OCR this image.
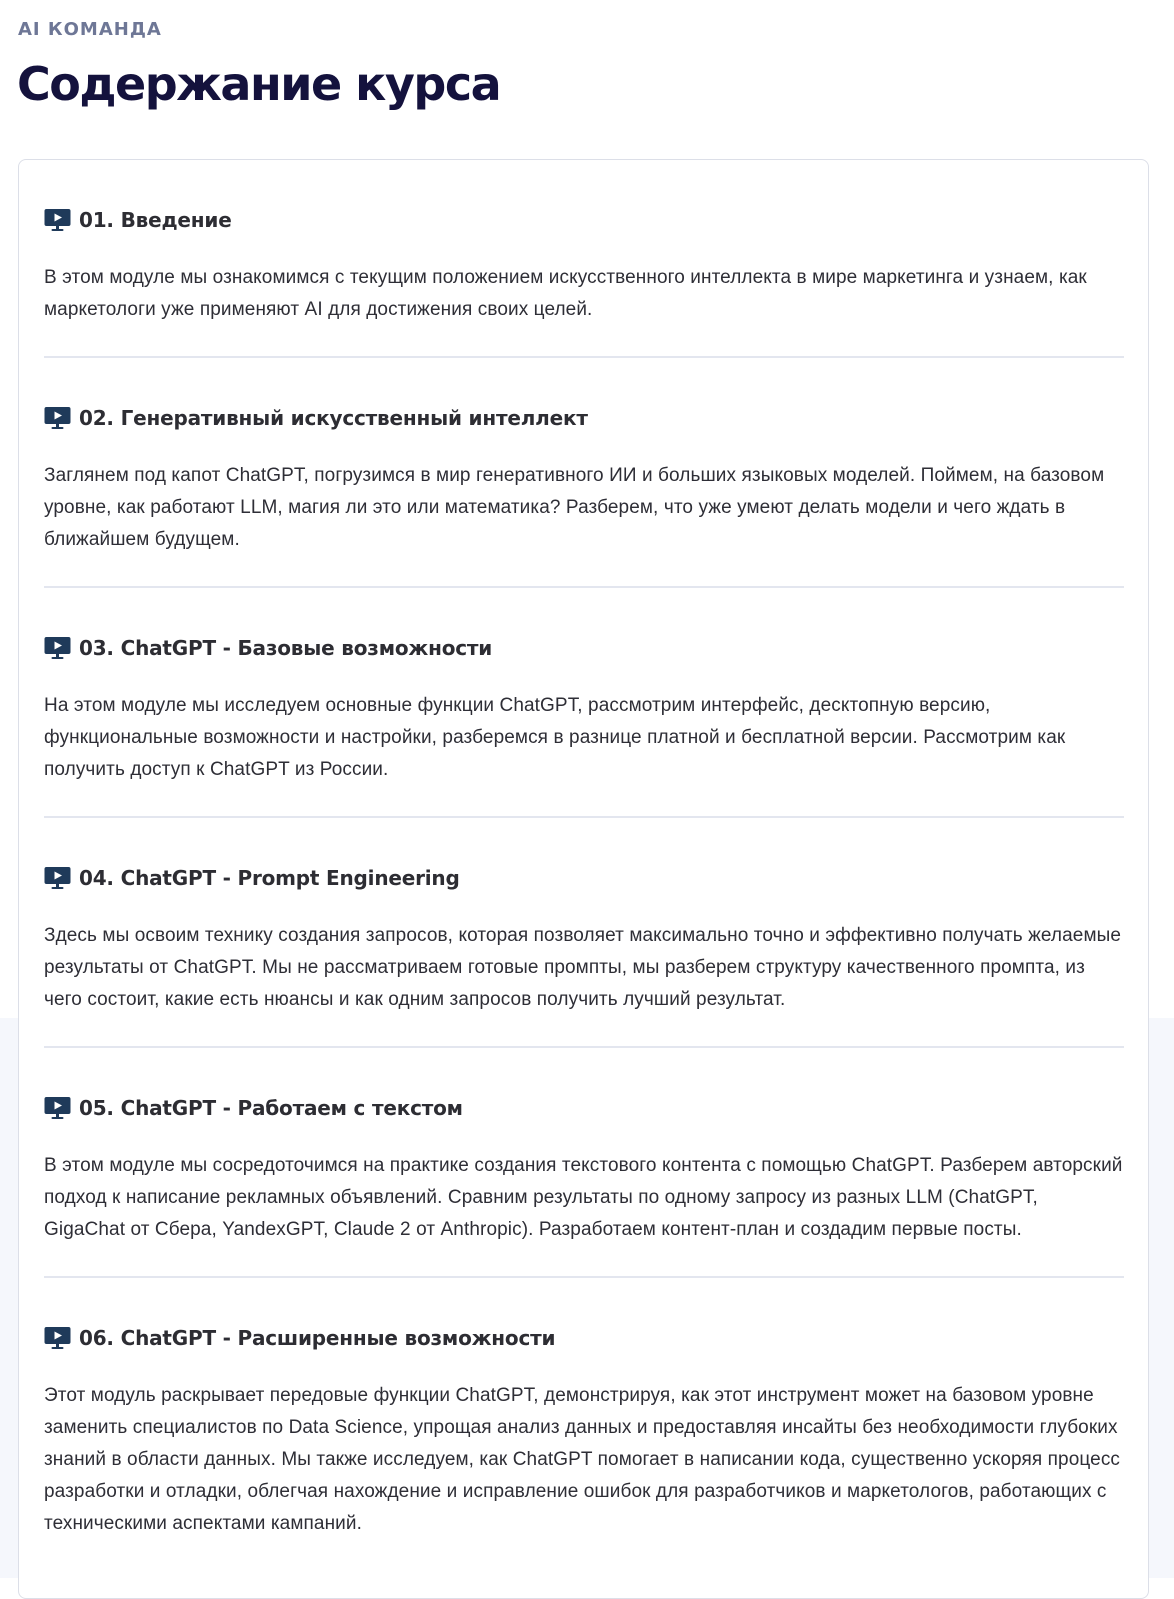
AI КОМАНДА

Содержание курса
01. Введение

В этом модуле мы ознакомимся с текущим положением искусственного интеллекта в мире маркетинга и узнаем, как маркетологи уже применяют AI для достижения своих целей.

02. Генеративный искусственный интеллект

Заглянем под капот ChatGPT, погрузимся в мир генеративного ИИ и больших языковых моделей. Поймем, на базовом уровне, как работают LLM, магия ли это или математика? Разберем, что уже умеют делать модели и чего ждать в ближайшем будущем.

03. ChatGPT - Базовые возможности

На этом модуле мы исследуем основные функции ChatGPT, рассмотрим интерфейс, десктопную версию, функциональные возможности и настройки, разберемся в разнице платной и бесплатной версии. Рассмотрим как получить доступ к ChatGPT из России.

04. ChatGPT - Prompt Engineering

Здесь мы освоим технику создания запросов, которая позволяет максимально точно и эффективно получать желаемые результаты от ChatGPT. Мы не рассматриваем готовые промпты, мы разберем структуру качественного промпта, из чего состоит, какие есть нюансы и как одним запросов получить лучший результат.

05. ChatGPT - Работаем с текстом

В этом модуле мы сосредоточимся на практике создания текстового контента с помощью ChatGPT. Разберем авторский подход к написание рекламных объявлений. Сравним результаты по одному запросу из разных LLM (ChatGPT, GigaChat от Сбера, YandexGPT, Claude 2 от Anthropic). Разработаем контент-план и создадим первые посты.

06. ChatGPT - Расширенные возможности

Этот модуль раскрывает передовые функции ChatGPT, демонстрируя, как этот инструмент может на базовом уровне заменить специалистов по Data Science, упрощая анализ данных и предоставляя инсайты без необходимости глубоких знаний в области данных. Мы также исследуем, как ChatGPT помогает в написании кода, существенно ускоряя процесс разработки и отладки, облегчая нахождение и исправление ошибок для разработчиков и маркетологов, работающих с техническими аспектами кампаний.
